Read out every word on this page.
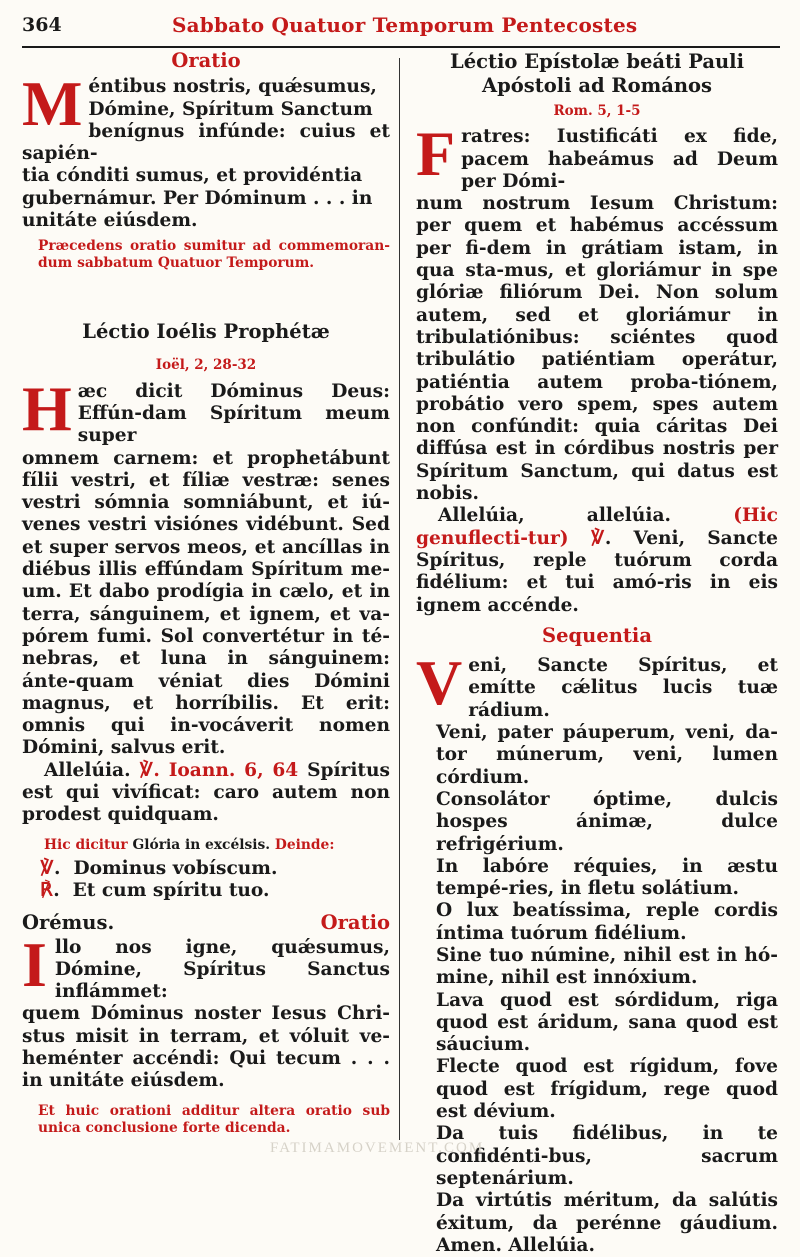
364	Sabbato Quatuor Temporum Pentecostes
Oratio
M éntibus nostris, quǽsumus,

Dómine, Spíritum Sanctum

benígnus infúnde: cuius et sapién-

tia cónditi sumus, et providéntia

gubernámur. Per Dóminum . . . in

unitáte eiúsdem.

Præcedens oratio sumitur ad commemoran-dum sabbatum Quatuor Temporum.

Léctio Ioélis Prophétæ
Ioël, 2, 28-32
H æc dicit Dóminus Deus: Effún-dam Spíritum meum super

omnem carnem: et prophetábunt fílii vestri, et fíliæ vestræ: senes vestri sómnia somniábunt, et iú-venes vestri visiónes vidébunt. Sed et super servos meos, et ancíllas in diébus illis effúndam Spíritum me-um. Et dabo prodígia in cælo, et in terra, sánguinem, et ignem, et va-pórem fumi. Sol convertétur in té-nebras, et luna in sánguinem: ánte-quam véniat dies Dómini magnus, et horríbilis. Et erit: omnis qui in-vocáverit nomen Dómini, salvus erit.

Allelúia. ℣. Ioann. 6, 64 Spíritus est qui vivíficat: caro autem non prodest quidquam.

Hic dicitur Glória in excélsis. Deinde:

℣.  Dominus vobíscum.

℟.  Et cum spíritu tuo.

Orémus.	Oratio
I llo nos igne, quǽsumus, Dómine, Spíritus Sanctus inflámmet:

quem Dóminus noster Iesus Chri-stus misit in terram, et vóluit ve-heménter accéndi: Qui tecum . . . in unitáte eiúsdem.

Et huic orationi additur altera oratio sub unica conclusione forte dicenda.

Léctio Epístolæ beáti Pauli
Apóstoli ad Romános
Rom. 5, 1-5
F ratres: Iustificáti ex fide, pacem habeámus ad Deum per Dómi-

num nostrum Iesum Christum: per quem et habémus accéssum per fi-dem in grátiam istam, in qua sta-mus, et gloriámur in spe glóriæ filiórum Dei. Non solum autem, sed et gloriámur in tribulatiónibus: sciéntes quod tribulátio patiéntiam operátur, patiéntia autem proba-tiónem, probátio vero spem, spes autem non confúndit: quia cáritas Dei diffúsa est in córdibus nostris per Spíritum Sanctum, qui datus est nobis.

Allelúia, allelúia.	(Hic genuflecti-tur) ℣. Veni, Sancte Spíritus, reple tuórum corda fidélium: et tui amó-ris in eis ignem accénde.

Sequentia
V eni, Sancte Spíritus, et emítte cǽlitus lucis tuæ rádium.

Veni, pater páuperum, veni, da-tor múnerum, veni, lumen córdium.

Consolátor óptime, dulcis hospes ánimæ, dulce refrigérium.

In labóre réquies, in æstu tempé-ries, in fletu solátium.

O lux beatíssima, reple cordis íntima tuórum fidélium.

Sine tuo númine, nihil est in hó-mine, nihil est innóxium.

Lava quod est sórdidum, riga quod est áridum, sana quod est sáucium.

Flecte quod est rígidum, fove quod est frígidum, rege quod est dévium.

Da tuis fidélibus, in te confidénti-bus, sacrum septenárium.

Da virtútis méritum, da salútis éxitum, da perénne gáudium. Amen. Allelúia.

FATIMAMOVEMENT.COM
